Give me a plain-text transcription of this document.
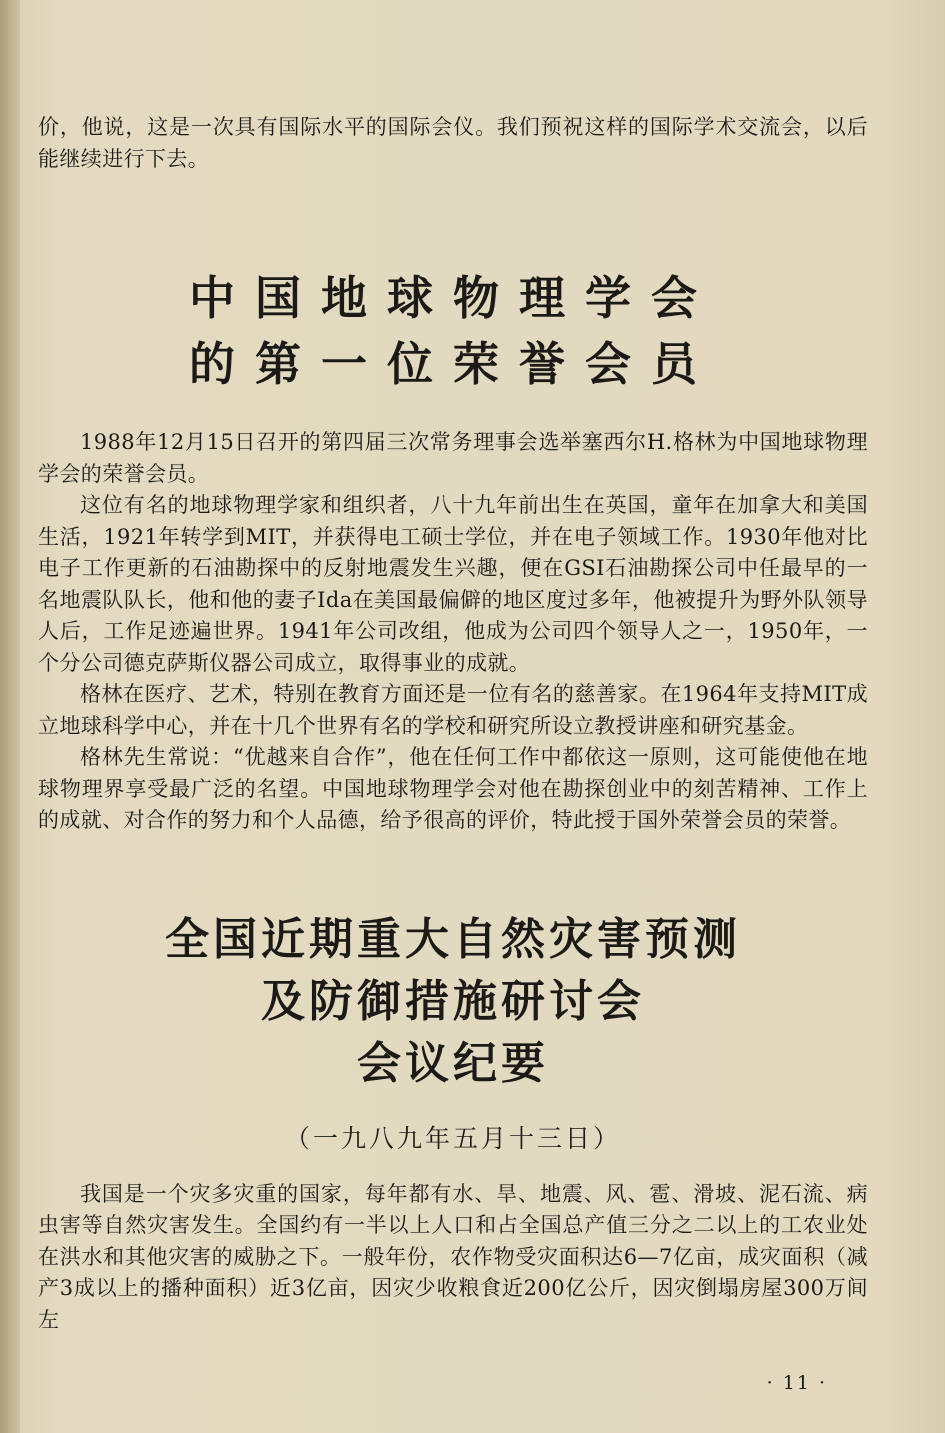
价，他说，这是一次具有国际水平的国际会仪。我们预祝这样的国际学术交流会，以后能继续进行下去。

中国地球物理学会
的第一位荣誉会员

1988年12月15日召开的第四届三次常务理事会选举塞西尔H.格林为中国地球物理学会的荣誉会员。

这位有名的地球物理学家和组织者，八十九年前出生在英国，童年在加拿大和美国生活，1921年转学到MIT，并获得电工硕士学位，并在电子领域工作。1930年他对比电子工作更新的石油勘探中的反射地震发生兴趣，便在GSI石油勘探公司中任最早的一名地震队队长，他和他的妻子Ida在美国最偏僻的地区度过多年，他被提升为野外队领导人后，工作足迹遍世界。1941年公司改组，他成为公司四个领导人之一，1950年，一个分公司德克萨斯仪器公司成立，取得事业的成就。

格林在医疗、艺术，特别在教育方面还是一位有名的慈善家。在1964年支持MIT成立地球科学中心，并在十几个世界有名的学校和研究所设立教授讲座和研究基金。

格林先生常说：“优越来自合作”，他在任何工作中都依这一原则，这可能使他在地球物理界享受最广泛的名望。中国地球物理学会对他在勘探创业中的刻苦精神、工作上的成就、对合作的努力和个人品德，给予很高的评价，特此授于国外荣誉会员的荣誉。

全国近期重大自然灾害预测
及防御措施研讨会
会议纪要
（一九八九年五月十三日）

我国是一个灾多灾重的国家，每年都有水、旱、地震、风、雹、滑坡、泥石流、病虫害等自然灾害发生。全国约有一半以上人口和占全国总产值三分之二以上的工农业处在洪水和其他灾害的威胁之下。一般年份，农作物受灾面积达6—7亿亩，成灾面积（减产3成以上的播种面积）近3亿亩，因灾少收粮食近200亿公斤，因灾倒塌房屋300万间左

· 11 ·
